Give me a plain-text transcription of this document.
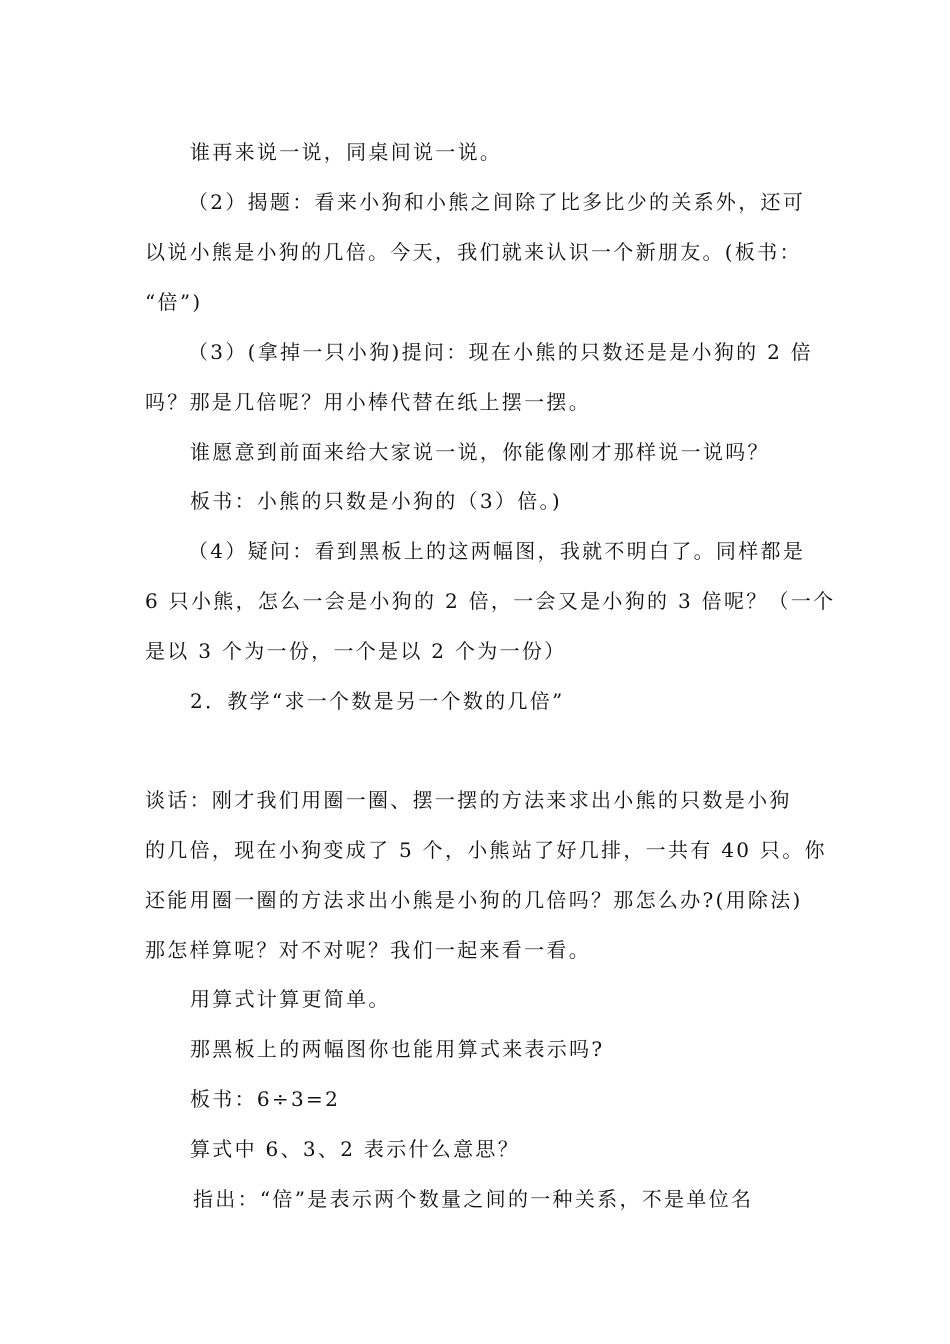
谁再来说一说，同桌间说一说。
（2）揭题：看来小狗和小熊之间除了比多比少的关系外，还可
以说小熊是小狗的几倍。今天，我们就来认识一个新朋友。(板书：
“倍”)
（3）(拿掉一只小狗)提问：现在小熊的只数还是是小狗的 2 倍
吗？那是几倍呢？用小棒代替在纸上摆一摆。
谁愿意到前面来给大家说一说，你能像刚才那样说一说吗？
板书：小熊的只数是小狗的（3）倍。)
（4）疑问：看到黑板上的这两幅图，我就不明白了。同样都是
6 只小熊，怎么一会是小狗的 2 倍，一会又是小狗的 3 倍呢？（一个
是以 3 个为一份，一个是以 2 个为一份）
2．教学“求一个数是另一个数的几倍”
谈话：刚才我们用圈一圈、摆一摆的方法来求出小熊的只数是小狗
的几倍，现在小狗变成了 5 个，小熊站了好几排，一共有 40 只。你
还能用圈一圈的方法求出小熊是小狗的几倍吗？那怎么办?(用除法)
那怎样算呢？对不对呢？我们一起来看一看。
用算式计算更简单。
那黑板上的两幅图你也能用算式来表示吗?
板书：6÷3=2
算式中 6、3、2 表示什么意思？
指出：“倍”是表示两个数量之间的一种关系，不是单位名
